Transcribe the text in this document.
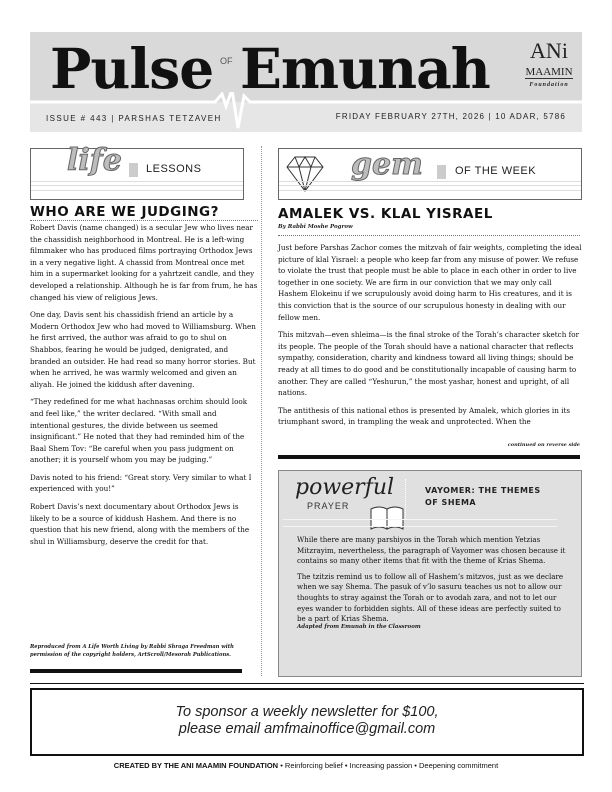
Pulse OF Emunah	ANi
MAAMIN
Foundation
ISSUE # 443 | PARSHAS TETZAVEH	FRIDAY FEBRUARY 27TH, 2026 | 10 ADAR, 5786
life LESSONS
WHO ARE WE JUDGING?

Robert Davis (name changed) is a secular Jew who lives near the chassidish neighborhood in Montreal. He is a left-wing filmmaker who has produced films portraying Orthodox Jews in a very negative light. A chassid from Montreal once met him in a supermarket looking for a yahrtzeit candle, and they developed a relationship. Although he is far from frum, he has changed his view of religious Jews.

One day, Davis sent his chassidish friend an article by a Modern Orthodox Jew who had moved to Williamsburg. When he first arrived, the author was afraid to go to shul on Shabbos, fearing he would be judged, denigrated, and branded an outsider. He had read so many horror stories. But when he arrived, he was warmly welcomed and given an aliyah. He joined the kiddush after davening.

“They redefined for me what hachnasas orchim should look and feel like,” the writer declared. “With small and intentional gestures, the divide between us seemed insignificant.” He noted that they had reminded him of the Baal Shem Tov: “Be careful when you pass judgment on another; it is yourself whom you may be judging.”

Davis noted to his friend: “Great story. Very similar to what I experienced with you!”

Robert Davis’s next documentary about Orthodox Jews is likely to be a source of kiddush Hashem. And there is no question that his new friend, along with the members of the shul in Williamsburg, deserve the credit for that.

Reproduced from A Life Worth Living by Rabbi Shraga Freedman with permission of the copyright holders, ArtScroll/Mesorah Publications.
gem	OF THE WEEK
AMALEK VS. KLAL YISRAEL
By Rabbi Moshe Pogrow

Just before Parshas Zachor comes the mitzvah of fair weights, completing the ideal picture of klal Yisrael: a people who keep far from any misuse of power. We refuse to violate the trust that people must be able to place in each other in order to live together in one society. We are firm in our conviction that we may only call Hashem Elokeinu if we scrupulously avoid doing harm to His creatures, and it is this conviction that is the source of our scrupulous honesty in dealing with our fellow men.

This mitzvah—even shleima—is the final stroke of the Torah’s character sketch for its people. The people of the Torah should have a national character that reflects sympathy, consideration, charity and kindness toward all living things; should be ready at all times to do good and be constitutionally incapable of causing harm to another. They are called “Yeshurun,” the most yashar, honest and upright, of all nations.

The antithesis of this national ethos is presented by Amalek, which glories in its triumphant sword, in trampling the weak and unprotected. When the

continued on reverse side
powerful
PRAYER
VAYOMER: THE THEMES
OF SHEMA

While there are many parshiyos in the Torah which mention Yetzias Mitzrayim, nevertheless, the paragraph of Vayomer was chosen because it contains so many other items that fit with the theme of Krias Shema.

The tzitzis remind us to follow all of Hashem’s mitzvos, just as we declare when we say Shema. The pasuk of v’lo sasuru teaches us not to allow our thoughts to stray against the Torah or to avodah zara, and not to let our eyes wander to forbidden sights. All of these ideas are perfectly suited to be a part of Krias Shema.

Adapted from Emunah in the Classroom
To sponsor a weekly newsletter for $100,
please email amfmainoffice@gmail.com
CREATED BY THE ANI MAAMIN FOUNDATION • Reinforcing belief • Increasing passion • Deepening commitment
